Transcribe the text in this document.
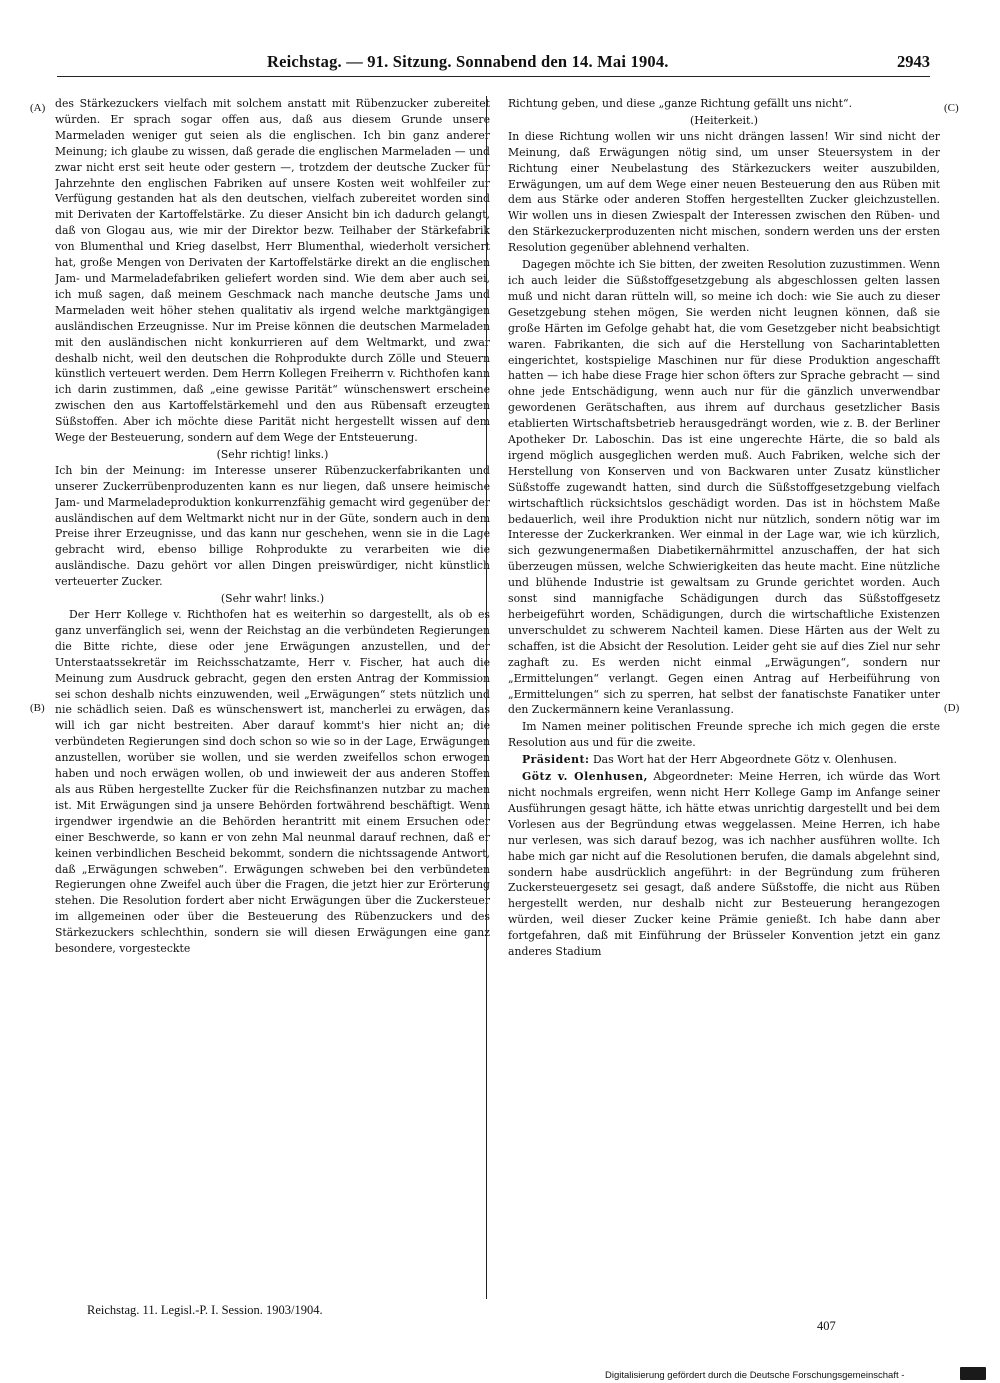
Reichstag. — 91. Sitzung. Sonnabend den 14. Mai 1904.	2943
(A)
(B)
(C)
(D)

des Stärkezuckers vielfach mit solchem anstatt mit Rübenzucker zubereitet würden. Er sprach sogar offen aus, daß aus diesem Grunde unsere Marmeladen weniger gut seien als die englischen. Ich bin ganz anderer Meinung; ich glaube zu wissen, daß gerade die englischen Marmeladen — und zwar nicht erst seit heute oder gestern —, trotzdem der deutsche Zucker für Jahrzehnte den englischen Fabriken auf unsere Kosten weit wohlfeiler zur Verfügung gestanden hat als den deutschen, vielfach zubereitet worden sind mit Derivaten der Kartoffelstärke. Zu dieser Ansicht bin ich dadurch gelangt, daß von Glogau aus, wie mir der Direktor bezw. Teilhaber der Stärkefabrik von Blumenthal und Krieg daselbst, Herr Blumenthal, wiederholt versichert hat, große Mengen von Derivaten der Kartoffelstärke direkt an die englischen Jam- und Marmeladefabriken geliefert worden sind. Wie dem aber auch sei, ich muß sagen, daß meinem Geschmack nach manche deutsche Jams und Marmeladen weit höher stehen qualitativ als irgend welche marktgängigen ausländischen Erzeugnisse. Nur im Preise können die deutschen Marmeladen mit den ausländischen nicht konkurrieren auf dem Weltmarkt, und zwar deshalb nicht, weil den deutschen die Rohprodukte durch Zölle und Steuern künstlich verteuert werden. Dem Herrn Kollegen Freiherrn v. Richthofen kann ich darin zustimmen, daß „eine gewisse Parität“ wünschenswert erscheine zwischen den aus Kartoffelstärkemehl und den aus Rübensaft erzeugten Süßstoffen. Aber ich möchte diese Parität nicht hergestellt wissen auf dem Wege der Besteuerung, sondern auf dem Wege der Entsteuerung.

(Sehr richtig! links.)

Ich bin der Meinung: im Interesse unserer Rübenzuckerfabrikanten und unserer Zuckerrübenproduzenten kann es nur liegen, daß unsere heimische Jam- und Marmeladeproduktion konkurrenzfähig gemacht wird gegenüber der ausländischen auf dem Weltmarkt nicht nur in der Güte, sondern auch in dem Preise ihrer Erzeugnisse, und das kann nur geschehen, wenn sie in die Lage gebracht wird, ebenso billige Rohprodukte zu verarbeiten wie die ausländische. Dazu gehört vor allen Dingen preiswürdiger, nicht künstlich verteuerter Zucker.

(Sehr wahr! links.)

Der Herr Kollege v. Richthofen hat es weiterhin so dargestellt, als ob es ganz unverfänglich sei, wenn der Reichstag an die verbündeten Regierungen die Bitte richte, diese oder jene Erwägungen anzustellen, und der Unterstaatssekretär im Reichsschatzamte, Herr v. Fischer, hat auch die Meinung zum Ausdruck gebracht, gegen den ersten Antrag der Kommission sei schon deshalb nichts einzuwenden, weil „Erwägungen“ stets nützlich und nie schädlich seien. Daß es wünschenswert ist, mancherlei zu erwägen, das will ich gar nicht bestreiten. Aber darauf kommt's hier nicht an; die verbündeten Regierungen sind doch schon so wie so in der Lage, Erwägungen anzustellen, worüber sie wollen, und sie werden zweifellos schon erwogen haben und noch erwägen wollen, ob und inwieweit der aus anderen Stoffen als aus Rüben hergestellte Zucker für die Reichsfinanzen nutzbar zu machen ist. Mit Erwägungen sind ja unsere Behörden fortwährend beschäftigt. Wenn irgendwer irgendwie an die Behörden herantritt mit einem Ersuchen oder einer Beschwerde, so kann er von zehn Mal neunmal darauf rechnen, daß er keinen verbindlichen Bescheid bekommt, sondern die nichtssagende Antwort, daß „Erwägungen schweben“. Erwägungen schweben bei den verbündeten Regierungen ohne Zweifel auch über die Fragen, die jetzt hier zur Erörterung stehen. Die Resolution fordert aber nicht Erwägungen über die Zuckersteuer im allgemeinen oder über die Besteuerung des Rübenzuckers und des Stärkezuckers schlechthin, sondern sie will diesen Erwägungen eine ganz besondere, vorgesteckte

Richtung geben, und diese „ganze Richtung gefällt uns nicht“.

(Heiterkeit.)

In diese Richtung wollen wir uns nicht drängen lassen! Wir sind nicht der Meinung, daß Erwägungen nötig sind, um unser Steuersystem in der Richtung einer Neubelastung des Stärkezuckers weiter auszubilden, Erwägungen, um auf dem Wege einer neuen Besteuerung den aus Rüben mit dem aus Stärke oder anderen Stoffen hergestellten Zucker gleichzustellen. Wir wollen uns in diesen Zwiespalt der Interessen zwischen den Rüben- und den Stärkezuckerproduzenten nicht mischen, sondern werden uns der ersten Resolution gegenüber ablehnend verhalten.

Dagegen möchte ich Sie bitten, der zweiten Resolution zuzustimmen. Wenn ich auch leider die Süßstoffgesetzgebung als abgeschlossen gelten lassen muß und nicht daran rütteln will, so meine ich doch: wie Sie auch zu dieser Gesetzgebung stehen mögen, Sie werden nicht leugnen können, daß sie große Härten im Gefolge gehabt hat, die vom Gesetzgeber nicht beabsichtigt waren. Fabrikanten, die sich auf die Herstellung von Sacharintabletten eingerichtet, kostspielige Maschinen nur für diese Produktion angeschafft hatten — ich habe diese Frage hier schon öfters zur Sprache gebracht — sind ohne jede Entschädigung, wenn auch nur für die gänzlich unverwendbar gewordenen Gerätschaften, aus ihrem auf durchaus gesetzlicher Basis etablierten Wirtschaftsbetrieb herausgedrängt worden, wie z. B. der Berliner Apotheker Dr. Laboschin. Das ist eine ungerechte Härte, die so bald als irgend möglich ausgeglichen werden muß. Auch Fabriken, welche sich der Herstellung von Konserven und von Backwaren unter Zusatz künstlicher Süßstoffe zugewandt hatten, sind durch die Süßstoffgesetzgebung vielfach wirtschaftlich rücksichtslos geschädigt worden. Das ist in höchstem Maße bedauerlich, weil ihre Produktion nicht nur nützlich, sondern nötig war im Interesse der Zuckerkranken. Wer einmal in der Lage war, wie ich kürzlich, sich gezwungenermaßen Diabetikernährmittel anzuschaffen, der hat sich überzeugen müssen, welche Schwierigkeiten das heute macht. Eine nützliche und blühende Industrie ist gewaltsam zu Grunde gerichtet worden. Auch sonst sind mannigfache Schädigungen durch das Süßstoffgesetz herbeigeführt worden, Schädigungen, durch die wirtschaftliche Existenzen unverschuldet zu schwerem Nachteil kamen. Diese Härten aus der Welt zu schaffen, ist die Absicht der Resolution. Leider geht sie auf dies Ziel nur sehr zaghaft zu. Es werden nicht einmal „Erwägungen“, sondern nur „Ermittelungen“ verlangt. Gegen einen Antrag auf Herbeiführung von „Ermittelungen“ sich zu sperren, hat selbst der fanatischste Fanatiker unter den Zuckermännern keine Veranlassung.

Im Namen meiner politischen Freunde spreche ich mich gegen die erste Resolution aus und für die zweite.

Präsident: Das Wort hat der Herr Abgeordnete Götz v. Olenhusen.

Götz v. Olenhusen, Abgeordneter: Meine Herren, ich würde das Wort nicht nochmals ergreifen, wenn nicht Herr Kollege Gamp im Anfange seiner Ausführungen gesagt hätte, ich hätte etwas unrichtig dargestellt und bei dem Vorlesen aus der Begründung etwas weggelassen. Meine Herren, ich habe nur verlesen, was sich darauf bezog, was ich nachher ausführen wollte. Ich habe mich gar nicht auf die Resolutionen berufen, die damals abgelehnt sind, sondern habe ausdrücklich angeführt: in der Begründung zum früheren Zuckersteuergesetz sei gesagt, daß andere Süßstoffe, die nicht aus Rüben hergestellt werden, nur deshalb nicht zur Besteuerung herangezogen würden, weil dieser Zucker keine Prämie genießt. Ich habe dann aber fortgefahren, daß mit Einführung der Brüsseler Konvention jetzt ein ganz anderes Stadium

Reichstag. 11. Legisl.-P. I. Session. 1903/1904.
407
Digitalisierung gefördert durch die Deutsche Forschungsgemeinschaft -
